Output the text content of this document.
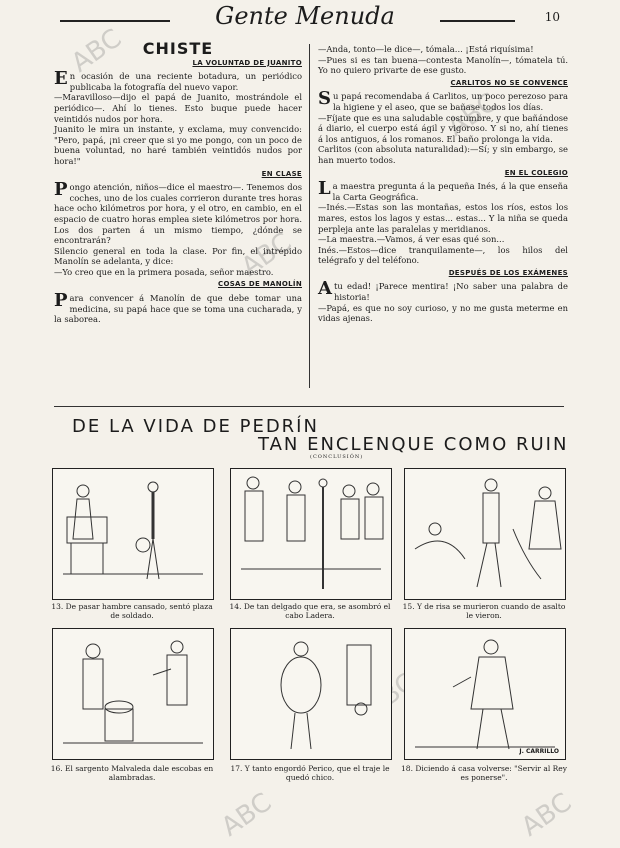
Gente Menuda	10
ABC
ABC
ABC
ABC	ABC
CHISTE
LA VOLUNTAD DE JUANITO

En ocasión de una reciente botadura, un periódico publicaba la fotografía del nuevo vapor.

—Maravilloso—dijo el papá de Juanito, mostrándole el periódico—. Ahí lo tienes. Esto buque puede hacer veintidós nudos por hora.

Juanito le mira un instante, y exclama, muy convencido: "Pero, papá, ¡ni creer que si yo me pongo, con un poco de buena voluntad, no haré también veintidós nudos por hora!"

EN CLASE

Pongo atención, niños—dice el maestro—. Tenemos dos coches, uno de los cuales corrieron durante tres horas hace ocho kilómetros por hora, y el otro, en cambio, en el espacio de cuatro horas emplea siete kilómetros por hora. Los dos parten á un mismo tiempo, ¿dónde se encontrarán?

Silencio general en toda la clase. Por fin, el intrépido Manolín se adelanta, y dice:

—Yo creo que en la primera posada, señor maestro.

COSAS DE MANOLÍN

Para convencer á Manolín de que debe tomar una medicina, su papá hace que se toma una cucharada, y la saborea.

—Anda, tonto—le dice—, tómala... ¡Está riquísima!

—Pues si es tan buena—contesta Manolín—, tómatela tú. Yo no quiero privarte de ese gusto.

CARLITOS NO SE CONVENCE

Su papá recomendaba á Carlitos, un poco perezoso para la higiene y el aseo, que se bañase todos los días.

—Fíjate que es una saludable costumbre, y que bañándose á diario, el cuerpo está ágil y vigoroso. Y si no, ahí tienes á los antiguos, á los romanos. El baño prolonga la vida.

Carlitos (con absoluta naturalidad):—Sí; y sin embargo, se han muerto todos.

EN EL COLEGIO

La maestra pregunta á la pequeña Inés, á la que enseña la Carta Geográfica.

—Inés.—Estas son las montañas, estos los ríos, estos los mares, estos los lagos y estas... estas... Y la niña se queda perpleja ante las paralelas y meridianos.

—La maestra.—Vamos, á ver esas qué son...

Inés.—Estos—dice tranquilamente—, los hilos del telégrafo y del teléfono.

DESPUÉS DE LOS EXÁMENES

Atu edad! ¡Parece mentira! ¡No saber una palabra de historia!

—Papá, es que no soy curioso, y no me gusta meterme en vidas ajenas.

DE LA VIDA DE PEDRÍN
TAN ENCLENQUE COMO RUIN
(CONCLUSIÓN)
13. De pasar hambre cansado, sentó plaza de soldado.
14. De tan delgado que era, se asombró el cabo Ladera.
15. Y de risa se murieron cuando de asalto le vieron.
J. CARRILLO
16. El sargento Malvaleda dale escobas en alambradas.
17. Y tanto engordó Perico, que el traje le quedó chico.
18. Diciendo á casa volverse: "Servir al Rey es ponerse".
